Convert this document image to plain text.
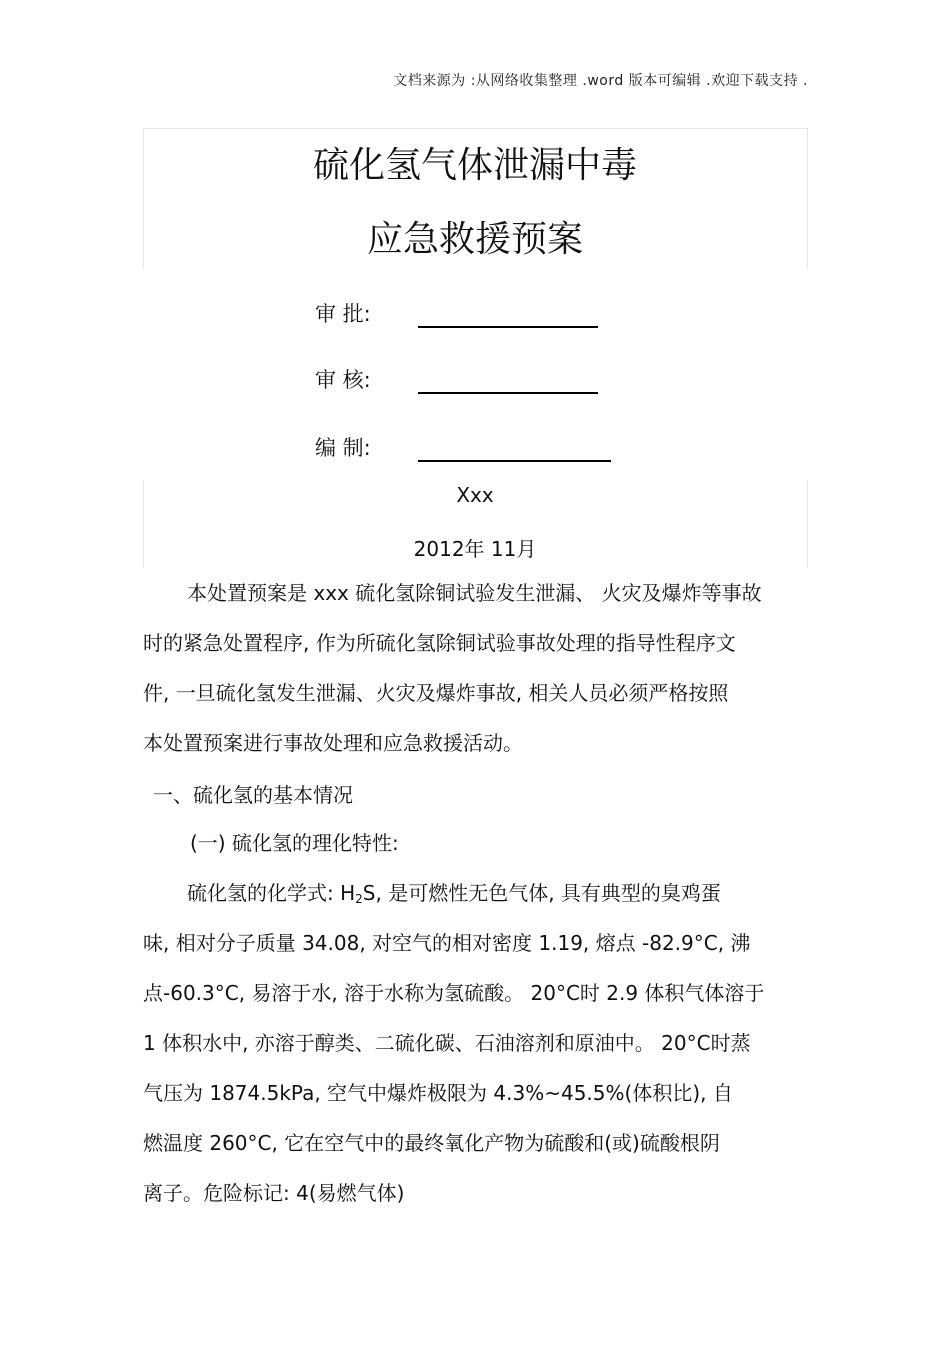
文档来源为 :从网络收集整理 .word 版本可编辑 .欢迎下载支持 .
硫化氢气体泄漏中毒
应急救援预案
审 批:
审 核:
编 制:
Xxx
2012年 11月
本处置预案是 xxx 硫化氢除铜试验发生泄漏、 火灾及爆炸等事故
时的紧急处置程序, 作为所硫化氢除铜试验事故处理的指导性程序文
件, 一旦硫化氢发生泄漏、火灾及爆炸事故, 相关人员必须严格按照
本处置预案进行事故处理和应急救援活动。
一、硫化氢的基本情况
(一) 硫化氢的理化特性:
硫化氢的化学式: $H_2S$, 是可燃性无色气体, 具有典型的臭鸡蛋
味, 相对分子质量 34.08, 对空气的相对密度 1.19, 熔点 -82.9°C, 沸
点-60.3°C, 易溶于水, 溶于水称为氢硫酸。 20°C时 2.9 体积气体溶于
1 体积水中, 亦溶于醇类、二硫化碳、石油溶剂和原油中。 20°C时蒸
气压为 1874.5kPa, 空气中爆炸极限为 4.3%~45.5%(体积比), 自
燃温度 260°C, 它在空气中的最终氧化产物为硫酸和(或)硫酸根阴
离子。危险标记: 4(易燃气体)
